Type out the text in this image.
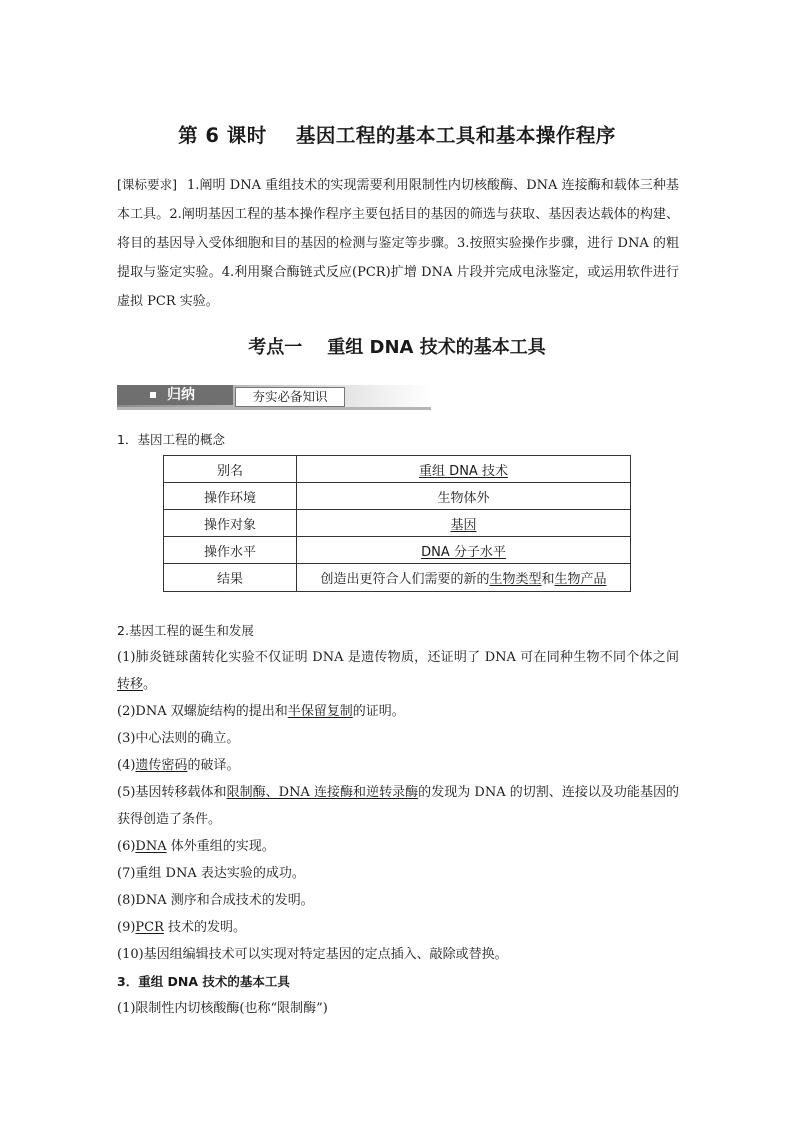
第 6 课时    基因工程的基本工具和基本操作程序
[课标要求] 1.阐明 DNA 重组技术的实现需要利用限制性内切核酸酶、DNA 连接酶和载体三种基本工具。2.阐明基因工程的基本操作程序主要包括目的基因的筛选与获取、基因表达载体的构建、将目的基因导入受体细胞和目的基因的检测与鉴定等步骤。3.按照实验操作步骤，进行 DNA 的粗提取与鉴定实验。4.利用聚合酶链式反应(PCR)扩增 DNA 片段并完成电泳鉴定，或运用软件进行虚拟 PCR 实验。
考点一    重组 DNA 技术的基本工具
归纳	夯实必备知识
1．基因工程的概念
别名	重组 DNA 技术
操作环境	生物体外
操作对象	基因
操作水平	DNA 分子水平
结果	创造出更符合人们需要的新的生物类型和生物产品
2.基因工程的诞生和发展

(1)肺炎链球菌转化实验不仅证明 DNA 是遗传物质，还证明了 DNA 可在同种生物不同个体之间转移。

(2)DNA 双螺旋结构的提出和半保留复制的证明。

(3)中心法则的确立。

(4)遗传密码的破译。

(5)基因转移载体和限制酶、DNA 连接酶和逆转录酶的发现为 DNA 的切割、连接以及功能基因的获得创造了条件。

(6)DNA 体外重组的实现。

(7)重组 DNA 表达实验的成功。

(8)DNA 测序和合成技术的发明。

(9)PCR 技术的发明。

(10)基因组编辑技术可以实现对特定基因的定点插入、敲除或替换。

3．重组 DNA 技术的基本工具

(1)限制性内切核酸酶(也称“限制酶”)
